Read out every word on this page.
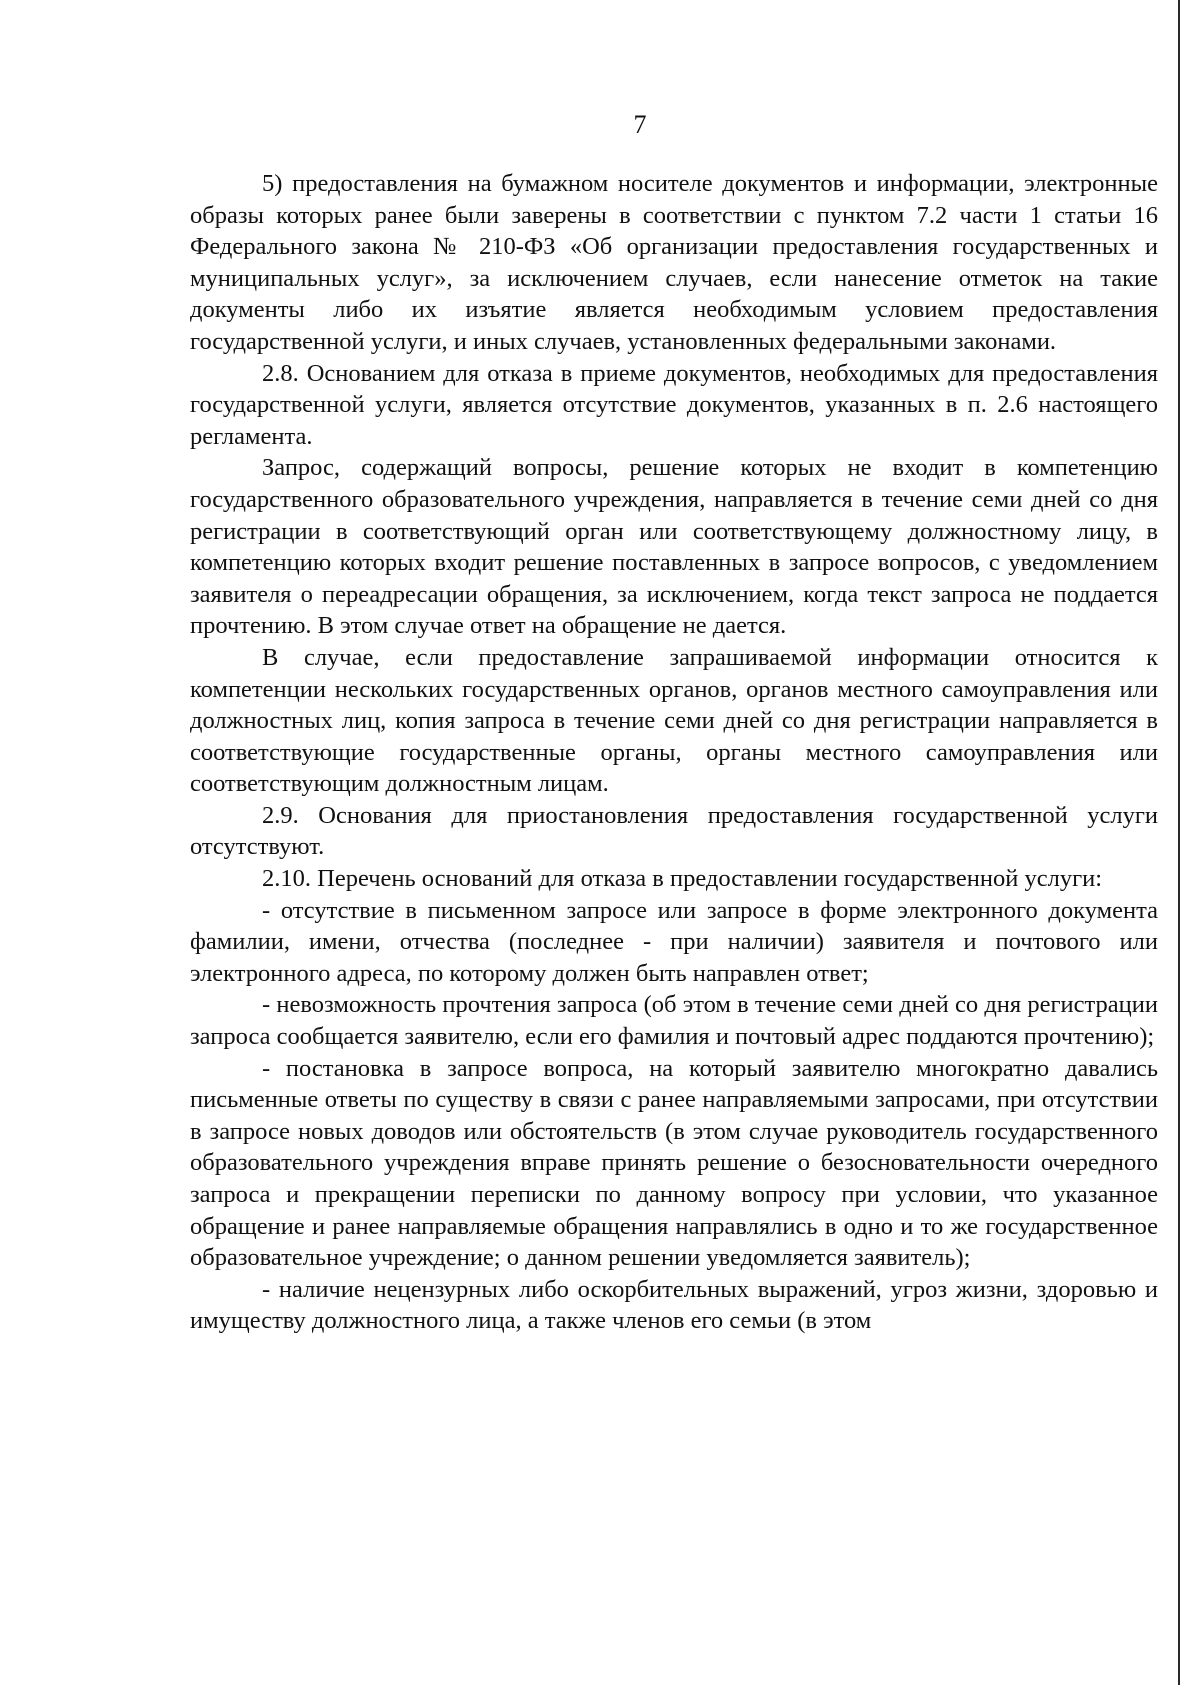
7

5) предоставления на бумажном носителе документов и информации, электронные образы которых ранее были заверены в соответствии с пунктом 7.2 части 1 статьи 16 Федерального закона № 210-ФЗ «Об организации предоставления государственных и муниципальных услуг», за исключением случаев, если нанесение отметок на такие документы либо их изъятие является необходимым условием предоставления государственной услуги, и иных случаев, установленных федеральными законами.

2.8. Основанием для отказа в приеме документов, необходимых для предоставления государственной услуги, является отсутствие документов, указанных в п. 2.6 настоящего регламента.

Запрос, содержащий вопросы, решение которых не входит в компетенцию государственного образовательного учреждения, направляется в течение семи дней со дня регистрации в соответствующий орган или соответствующему должностному лицу, в компетенцию которых входит решение поставленных в запросе вопросов, с уведомлением заявителя о переадресации обращения, за исключением, когда текст запроса не поддается прочтению. В этом случае ответ на обращение не дается.

В случае, если предоставление запрашиваемой информации относится к компетенции нескольких государственных органов, органов местного самоуправления или должностных лиц, копия запроса в течение семи дней со дня регистрации направляется в соответствующие государственные органы, органы местного самоуправления или соответствующим должностным лицам.

2.9. Основания для приостановления предоставления государственной услуги отсутствуют.

2.10. Перечень оснований для отказа в предоставлении государственной услуги:

- отсутствие в письменном запросе или запросе в форме электронного документа фамилии, имени, отчества (последнее - при наличии) заявителя и почтового или электронного адреса, по которому должен быть направлен ответ;

- невозможность прочтения запроса (об этом в течение семи дней со дня регистрации запроса сообщается заявителю, если его фамилия и почтовый адрес поддаются прочтению);

- постановка в запросе вопроса, на который заявителю многократно давались письменные ответы по существу в связи с ранее направляемыми запросами, при отсутствии в запросе новых доводов или обстоятельств (в этом случае руководитель государственного образовательного учреждения вправе принять решение о безосновательности очередного запроса и прекращении переписки по данному вопросу при условии, что указанное обращение и ранее направляемые обращения направлялись в одно и то же государственное образовательное учреждение; о данном решении уведомляется заявитель);

- наличие нецензурных либо оскорбительных выражений, угроз жизни, здоровью и имуществу должностного лица, а также членов его семьи (в этом
